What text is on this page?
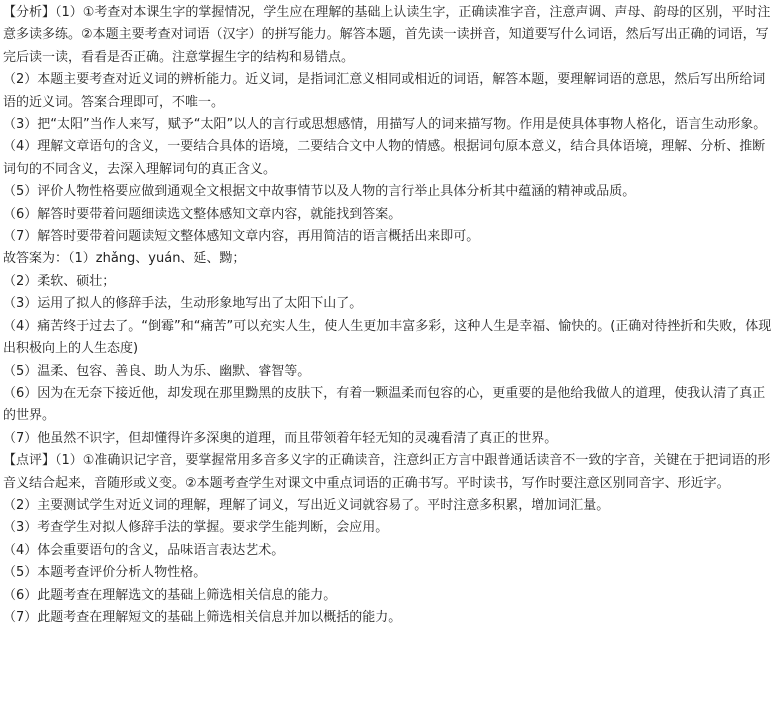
【分析】（1）①考查对本课生字的掌握情况，学生应在理解的基础上认读生字，正确读准字音，注意声调、声母、韵母的区别，平时注意多读多练。②本题主要考查对词语（汉字）的拼写能力。解答本题，首先读一读拼音，知道要写什么词语，然后写出正确的词语，写完后读一读，看看是否正确。注意掌握生字的结构和易错点。

（2）本题主要考查对近义词的辨析能力。近义词，是指词汇意义相同或相近的词语，解答本题，要理解词语的意思，然后写出所给词语的近义词。答案合理即可，不唯一。

（3）把“太阳”当作人来写，赋予“太阳”以人的言行或思想感情，用描写人的词来描写物。作用是使具体事物人格化，语言生动形象。

（4）理解文章语句的含义，一要结合具体的语境，二要结合文中人物的情感。根据词句原本意义，结合具体语境，理解、分析、推断词句的不同含义，去深入理解词句的真正含义。

（5）评价人物性格要应做到通观全文根据文中故事情节以及人物的言行举止具体分析其中蕴涵的精神或品质。

（6）解答时要带着问题细读选文整体感知文章内容，就能找到答案。

（7）解答时要带着问题读短文整体感知文章内容，再用简洁的语言概括出来即可。

故答案为：（1）zhǎng、yuán、延、黝；

（2）柔软、硕壮；

（3）运用了拟人的修辞手法，生动形象地写出了太阳下山了。

（4）痛苦终于过去了。“倒霉”和“痛苦”可以充实人生，使人生更加丰富多彩，这种人生是幸福、愉快的。(正确对待挫折和失败，体现出积极向上的人生态度)

（5）温柔、包容、善良、助人为乐、幽默、睿智等。

（6）因为在无奈下接近他，却发现在那里黝黑的皮肤下，有着一颗温柔而包容的心，更重要的是他给我做人的道理，使我认清了真正的世界。

（7）他虽然不识字，但却懂得许多深奥的道理，而且带领着年轻无知的灵魂看清了真正的世界。

【点评】（1）①准确识记字音，要掌握常用多音多义字的正确读音，注意纠正方言中跟普通话读音不一致的字音，关键在于把词语的形音义结合起来，音随形或义变。②本题考查学生对课文中重点词语的正确书写。平时读书，写作时要注意区别同音字、形近字。

（2）主要测试学生对近义词的理解，理解了词义，写出近义词就容易了。平时注意多积累，增加词汇量。

（3）考查学生对拟人修辞手法的掌握。要求学生能判断，会应用。

（4）体会重要语句的含义，品味语言表达艺术。

（5）本题考查评价分析人物性格。

（6）此题考查在理解选文的基础上筛选相关信息的能力。

（7）此题考查在理解短文的基础上筛选相关信息并加以概括的能力。
